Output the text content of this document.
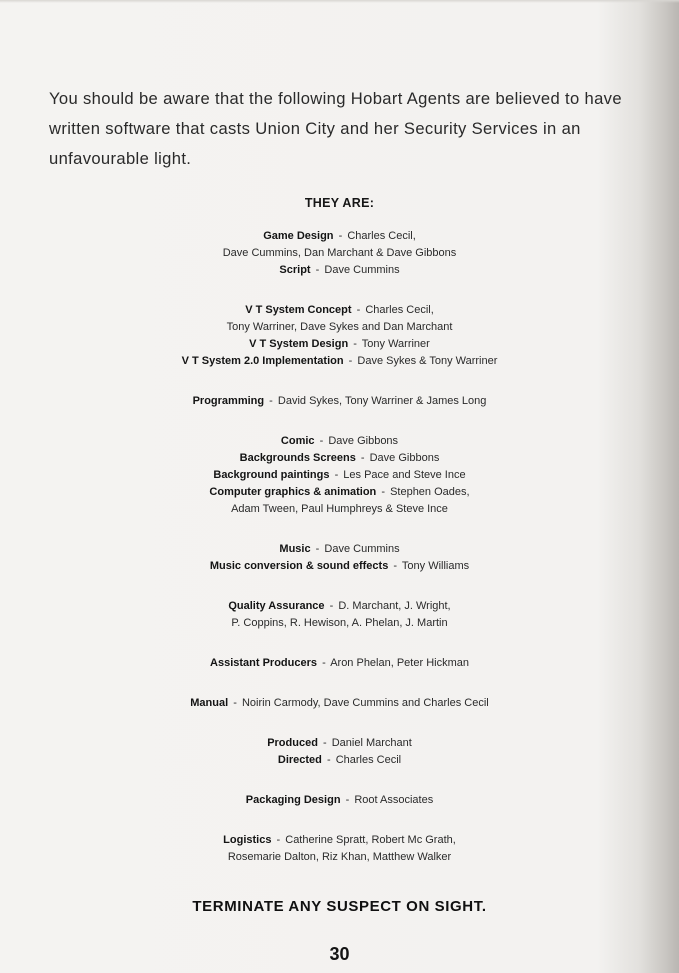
You should be aware that the following Hobart Agents are believed to have written software that casts Union City and her Security Services in an unfavourable light.

THEY ARE:
Game Design - Charles Cecil,
Dave Cummins, Dan Marchant & Dave Gibbons
Script - Dave Cummins
V T System Concept - Charles Cecil,
Tony Warriner, Dave Sykes and Dan Marchant
V T System Design - Tony Warriner
V T System 2.0 Implementation - Dave Sykes & Tony Warriner
Programming - David Sykes, Tony Warriner & James Long
Comic - Dave Gibbons
Backgrounds Screens - Dave Gibbons
Background paintings - Les Pace and Steve Ince
Computer graphics & animation - Stephen Oades,
Adam Tween, Paul Humphreys & Steve Ince
Music - Dave Cummins
Music conversion & sound effects - Tony Williams
Quality Assurance - D. Marchant, J. Wright,
P. Coppins, R. Hewison, A. Phelan, J. Martin
Assistant Producers - Aron Phelan, Peter Hickman
Manual - Noirin Carmody, Dave Cummins and Charles Cecil
Produced - Daniel Marchant
Directed - Charles Cecil
Packaging Design - Root Associates
Logistics - Catherine Spratt, Robert Mc Grath,
Rosemarie Dalton, Riz Khan, Matthew Walker
TERMINATE ANY SUSPECT ON SIGHT.
30
